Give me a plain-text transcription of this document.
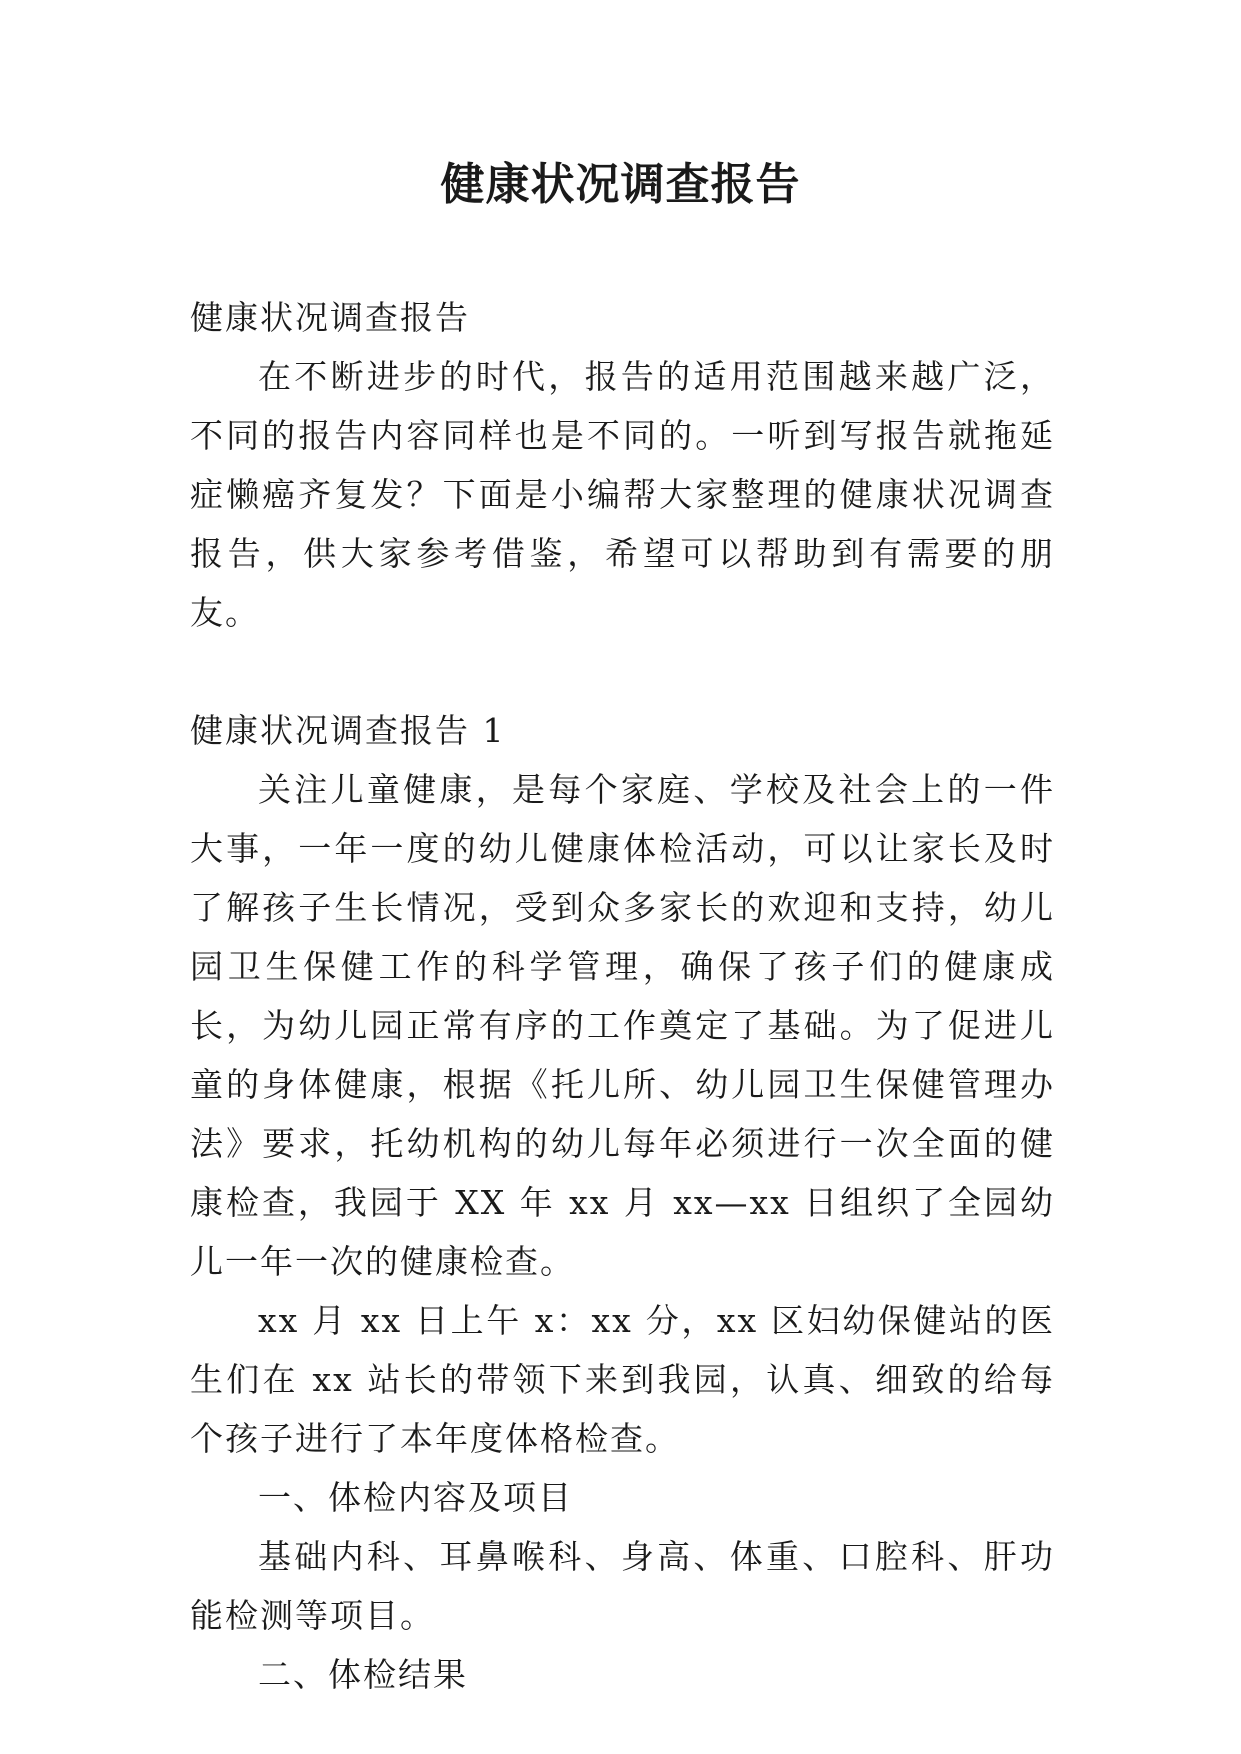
健康状况调查报告

健康状况调查报告

在不断进步的时代，报告的适用范围越来越广泛，不同的报告内容同样也是不同的。一听到写报告就拖延症懒癌齐复发？下面是小编帮大家整理的健康状况调查报告，供大家参考借鉴，希望可以帮助到有需要的朋友。

健康状况调查报告 1

关注儿童健康，是每个家庭、学校及社会上的一件大事，一年一度的幼儿健康体检活动，可以让家长及时了解孩子生长情况，受到众多家长的欢迎和支持，幼儿园卫生保健工作的科学管理，确保了孩子们的健康成长，为幼儿园正常有序的工作奠定了基础。为了促进儿童的身体健康，根据《托儿所、幼儿园卫生保健管理办法》要求，托幼机构的幼儿每年必须进行一次全面的健康检查，我园于 XX 年 xx 月 xx—xx 日组织了全园幼儿一年一次的健康检查。

xx 月 xx 日上午 x：xx 分，xx 区妇幼保健站的医生们在 xx 站长的带领下来到我园，认真、细致的给每个孩子进行了本年度体格检查。

一、体检内容及项目

基础内科、耳鼻喉科、身高、体重、口腔科、肝功能检测等项目。

二、体检结果
